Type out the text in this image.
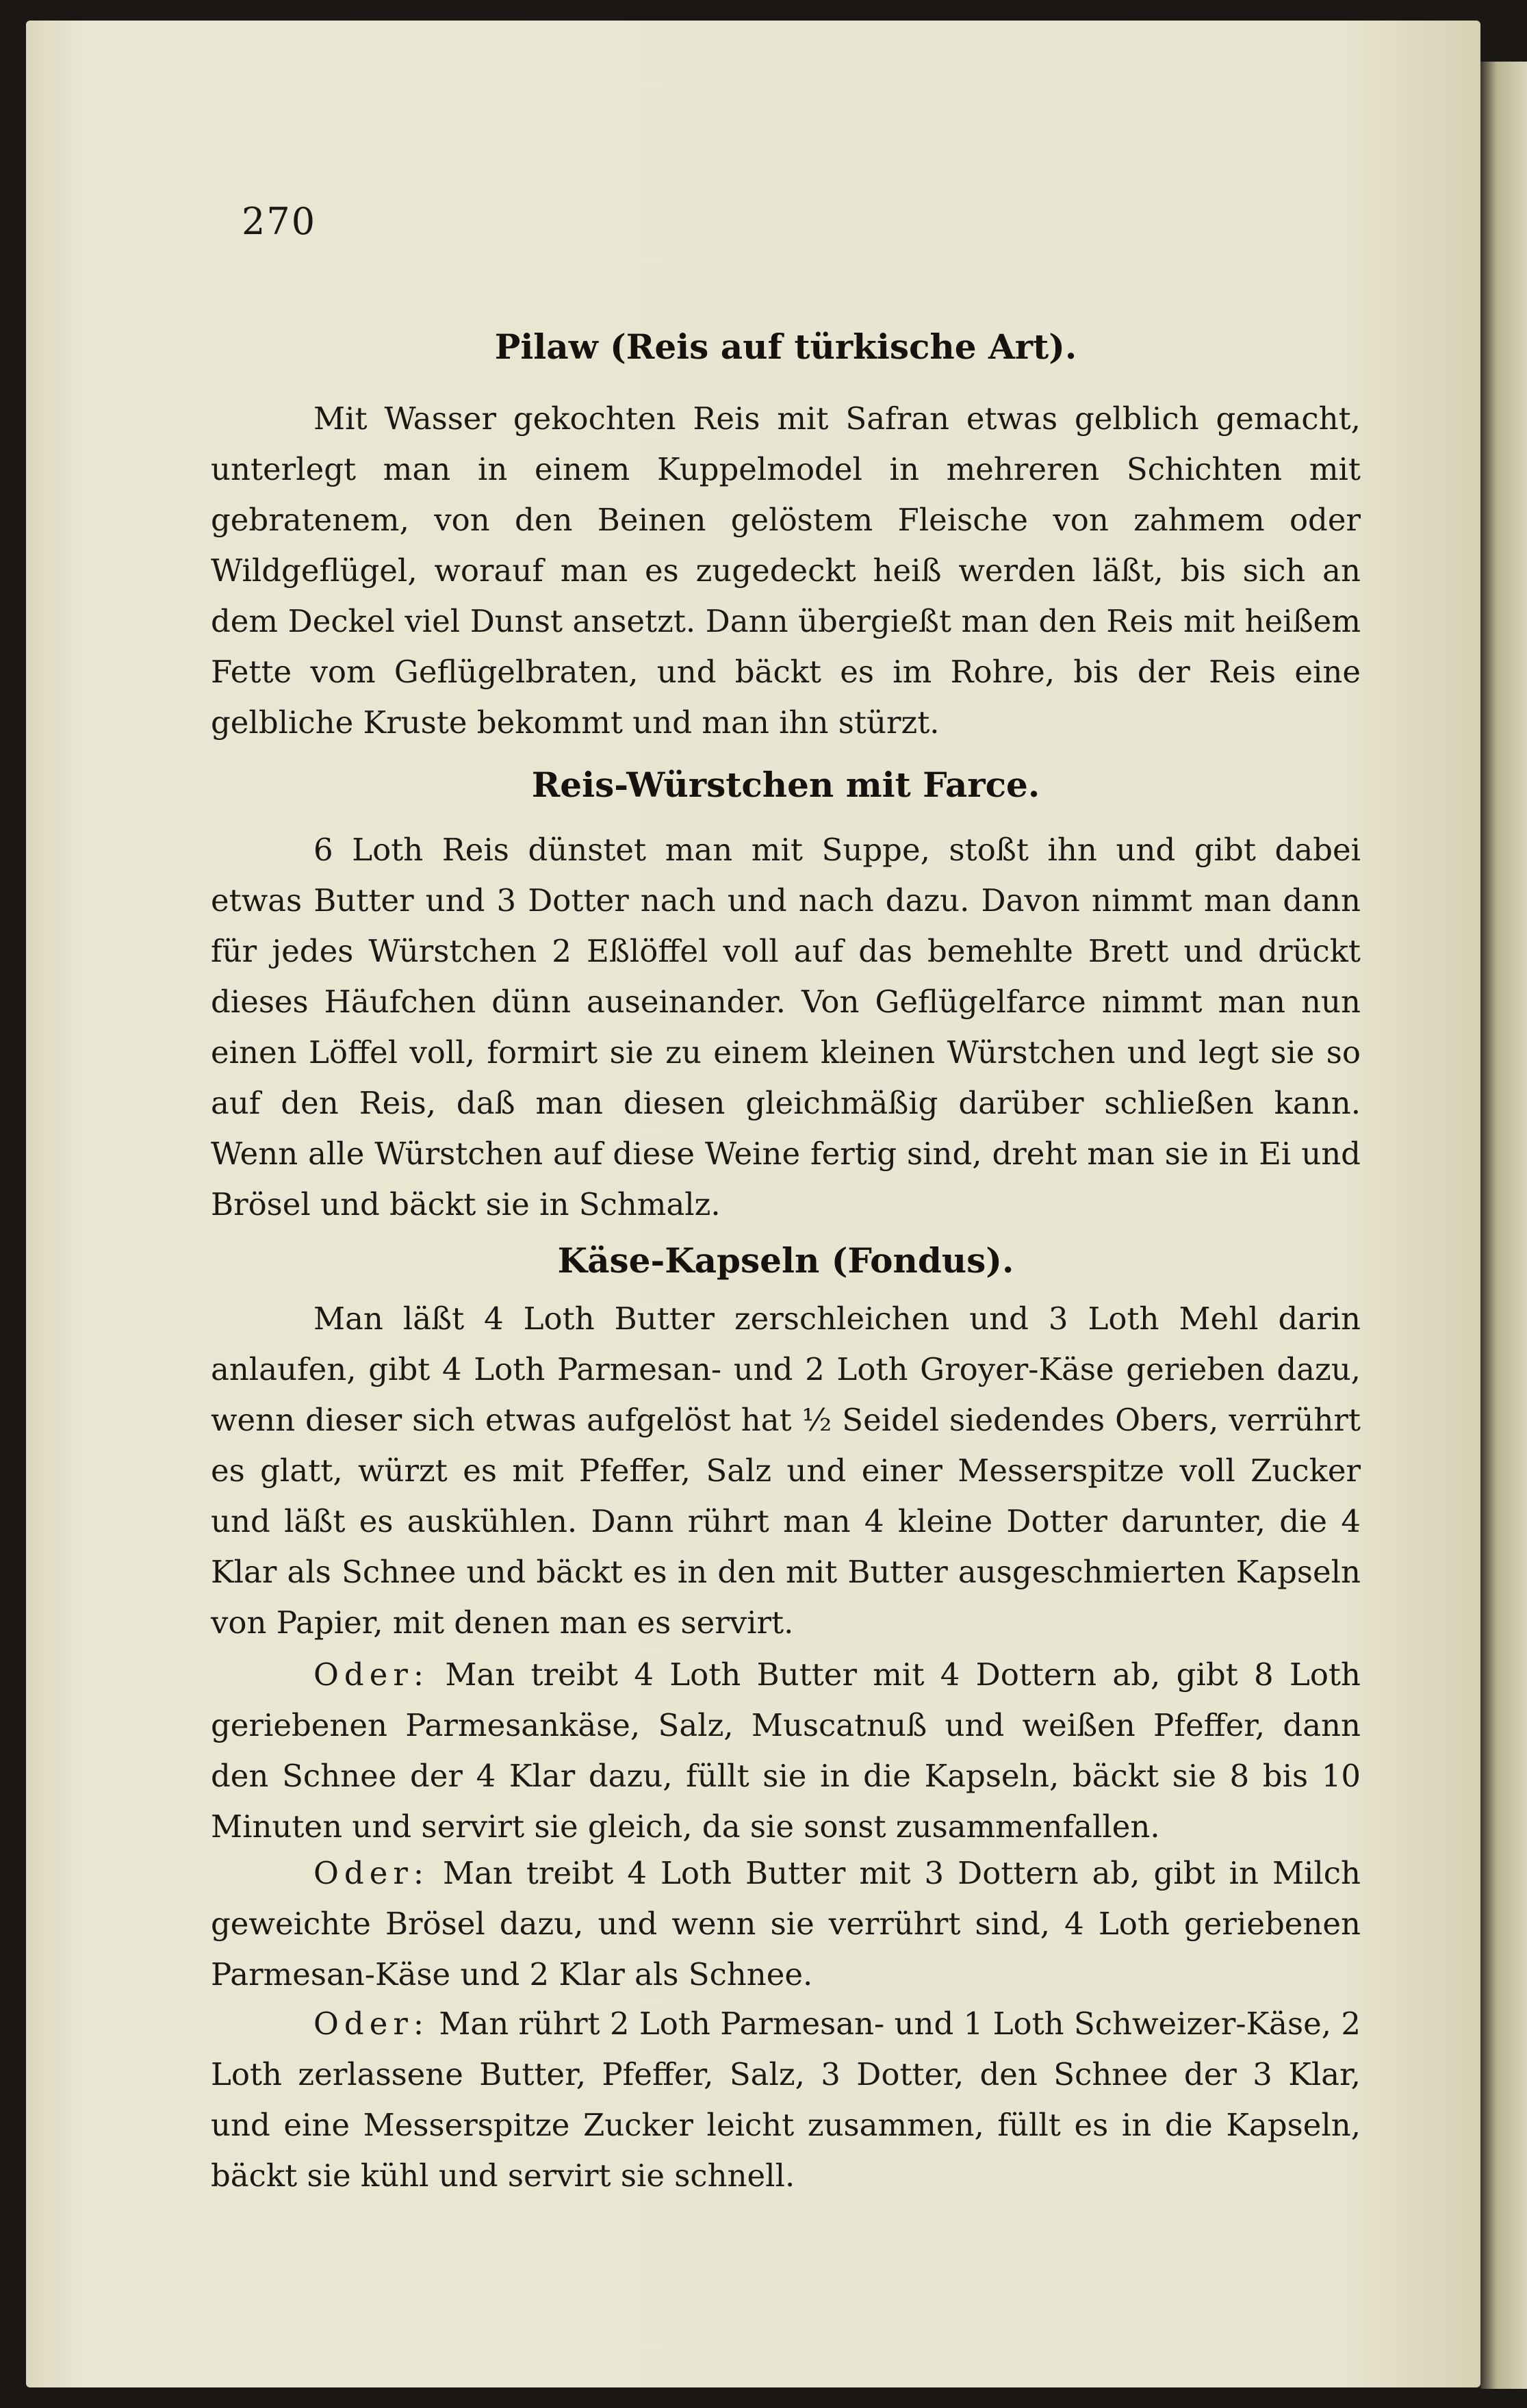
270
Pilaw (Reis auf türkische Art).
Mit Wasser gekochten Reis mit Safran etwas gelblich gemacht, unterlegt man in einem Kuppelmodel in mehreren Schichten mit gebratenem, von den Beinen gelöstem Fleische von zahmem oder Wildgeflügel, worauf man es zugedeckt heiß werden läßt, bis sich an dem Deckel viel Dunst ansetzt. Dann übergießt man den Reis mit heißem Fette vom Geflügelbraten, und bäckt es im Rohre, bis der Reis eine gelbliche Kruste bekommt und man ihn stürzt.
Reis-Würstchen mit Farce.
6 Loth Reis dünstet man mit Suppe, stoßt ihn und gibt dabei etwas Butter und 3 Dotter nach und nach dazu. Davon nimmt man dann für jedes Würstchen 2 Eßlöffel voll auf das bemehlte Brett und drückt dieses Häufchen dünn auseinander. Von Geflügelfarce nimmt man nun einen Löffel voll, formirt sie zu einem kleinen Würstchen und legt sie so auf den Reis, daß man diesen gleichmäßig darüber schließen kann. Wenn alle Würstchen auf diese Weine fertig sind, dreht man sie in Ei und Brösel und bäckt sie in Schmalz.
Käse-Kapseln (Fondus).
Man läßt 4 Loth Butter zerschleichen und 3 Loth Mehl darin anlaufen, gibt 4 Loth Parmesan- und 2 Loth Groyer-Käse gerieben dazu, wenn dieser sich etwas aufgelöst hat ½ Seidel siedendes Obers, verrührt es glatt, würzt es mit Pfeffer, Salz und einer Messerspitze voll Zucker und läßt es auskühlen. Dann rührt man 4 kleine Dotter darunter, die 4 Klar als Schnee und bäckt es in den mit Butter ausgeschmierten Kapseln von Papier, mit denen man es servirt.
Oder: Man treibt 4 Loth Butter mit 4 Dottern ab, gibt 8 Loth geriebenen Parmesankäse, Salz, Muscatnuß und weißen Pfeffer, dann den Schnee der 4 Klar dazu, füllt sie in die Kapseln, bäckt sie 8 bis 10 Minuten und servirt sie gleich, da sie sonst zusammenfallen.
Oder: Man treibt 4 Loth Butter mit 3 Dottern ab, gibt in Milch geweichte Brösel dazu, und wenn sie verrührt sind, 4 Loth geriebenen Parmesan-Käse und 2 Klar als Schnee.
Oder: Man rührt 2 Loth Parmesan- und 1 Loth Schweizer-Käse, 2 Loth zerlassene Butter, Pfeffer, Salz, 3 Dotter, den Schnee der 3 Klar, und eine Messerspitze Zucker leicht zusammen, füllt es in die Kapseln, bäckt sie kühl und servirt sie schnell.
